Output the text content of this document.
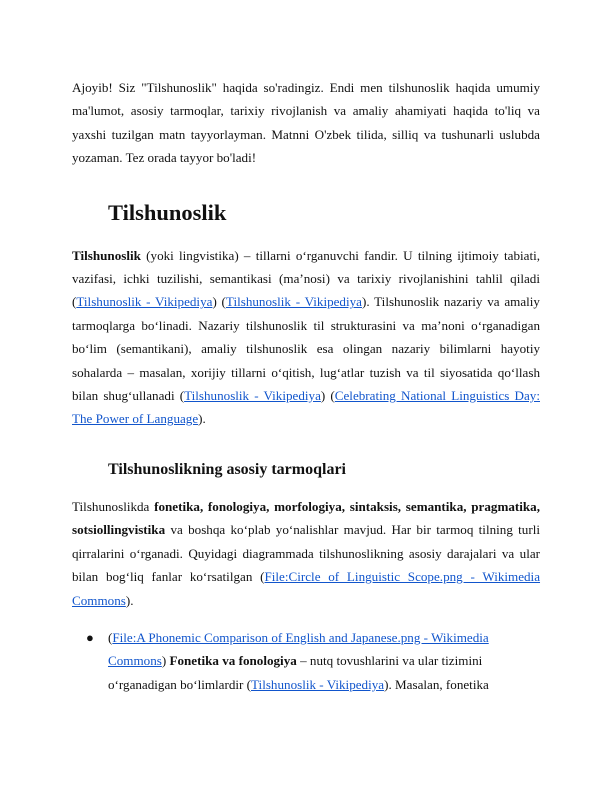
Ajoyib! Siz "Tilshunoslik" haqida so'radingiz. Endi men tilshunoslik haqida umumiy ma'lumot, asosiy tarmoqlar, tarixiy rivojlanish va amaliy ahamiyati haqida to'liq va yaxshi tuzilgan matn tayyorlayman. Matnni O'zbek tilida, silliq va tushunarli uslubda yozaman. Tez orada tayyor bo'ladi!

Tilshunoslik

Tilshunoslik (yoki lingvistika) – tillarni o‘rganuvchi fandir. U tilning ijtimoiy tabiati, vazifasi, ichki tuzilishi, semantikasi (ma’nosi) va tarixiy rivojlanishini tahlil qiladi (Tilshunoslik - Vikipediya) (Tilshunoslik - Vikipediya). Tilshunoslik nazariy va amaliy tarmoqlarga bo‘linadi. Nazariy tilshunoslik til strukturasini va ma’noni o‘rganadigan bo‘lim (semantikani), amaliy tilshunoslik esa olingan nazariy bilimlarni hayotiy sohalarda – masalan, xorijiy tillarni o‘qitish, lug‘atlar tuzish va til siyosatida qo‘llash bilan shug‘ullanadi (Tilshunoslik - Vikipediya) (Celebrating National Linguistics Day: The Power of Language).

Tilshunoslikning asosiy tarmoqlari

Tilshunoslikda fonetika, fonologiya, morfologiya, sintaksis, semantika, pragmatika, sotsiollingvistika va boshqa ko‘plab yo‘nalishlar mavjud. Har bir tarmoq tilning turli qirralarini o‘rganadi. Quyidagi diagrammada tilshunoslikning asosiy darajalari va ular bilan bog‘liq fanlar ko‘rsatilgan (File:Circle of Linguistic Scope.png - Wikimedia Commons).

● (File:A Phonemic Comparison of English and Japanese.png - Wikimedia Commons) Fonetika va fonologiya – nutq tovushlarini va ular tizimini o‘rganadigan bo‘limlardir (Tilshunoslik - Vikipediya). Masalan, fonetika
